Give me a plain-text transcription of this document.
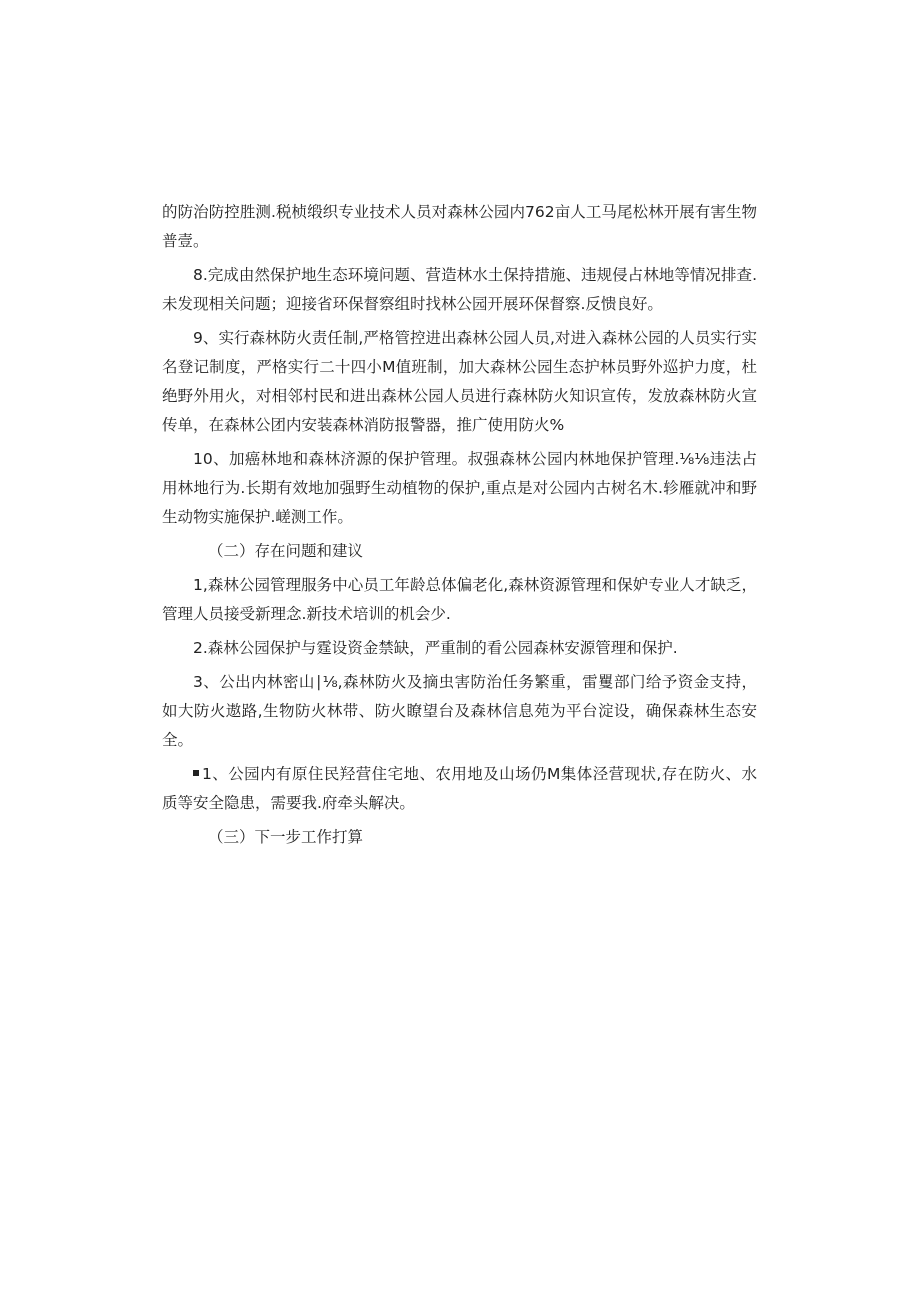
的防治防控胜测.税桢缎织专业技术人员对森林公园内762亩人工马尾松林开展有害生物普壹。

8.完成由然保护地生态环境问题、营造林水土保持措施、违规侵占林地等情况排查.未发现相关问题；迎接省环保督察组时找林公园开展环保督察.反愦良好。

9、实行森林防火责任制,严格管控进出森林公园人员,对进入森林公园的人员实行实名登记制度，严格实行二十四小M值班制，加大森林公园生态护林员野外巡护力度，杜绝野外用火，对相邻村民和进出森林公园人员进行森林防火知识宣传，发放森林防火宣传单，在森林公团内安装森林消防报警器，推广使用防火%

10、加癌林地和森林济源的保护管理。叔强森林公园内林地保护管理.⅛⅛违法占用林地行为.长期有效地加强野生动植物的保护,重点是对公园内古树名木.轸雁就冲和野生动物实施保护.嵯测工作。

（二）存在问题和建议

1,森林公园管理服务中心员工年龄总体偏老化,森林资源管理和保妒专业人才缺乏，管理人员接受新理念.新技术培训的机会少.

2.森林公园保护与霆设资金禁缺，严重制的看公园森林安源管理和保护.

3、公出内林密山∣⅛,森林防火及摘虫害防治任务繁重，雷矍部门给予资金支持，如大防火遨路,生物防火林带、防火瞭望台及森林信息苑为平台淀设，确保森林生态安全。

1、公园内有原住民羟营住宅地、农用地及山场仍M集体泾营现状,存在防火、水质等安全隐患，需要我.府牵头解决。

（三）下一步工作打算
